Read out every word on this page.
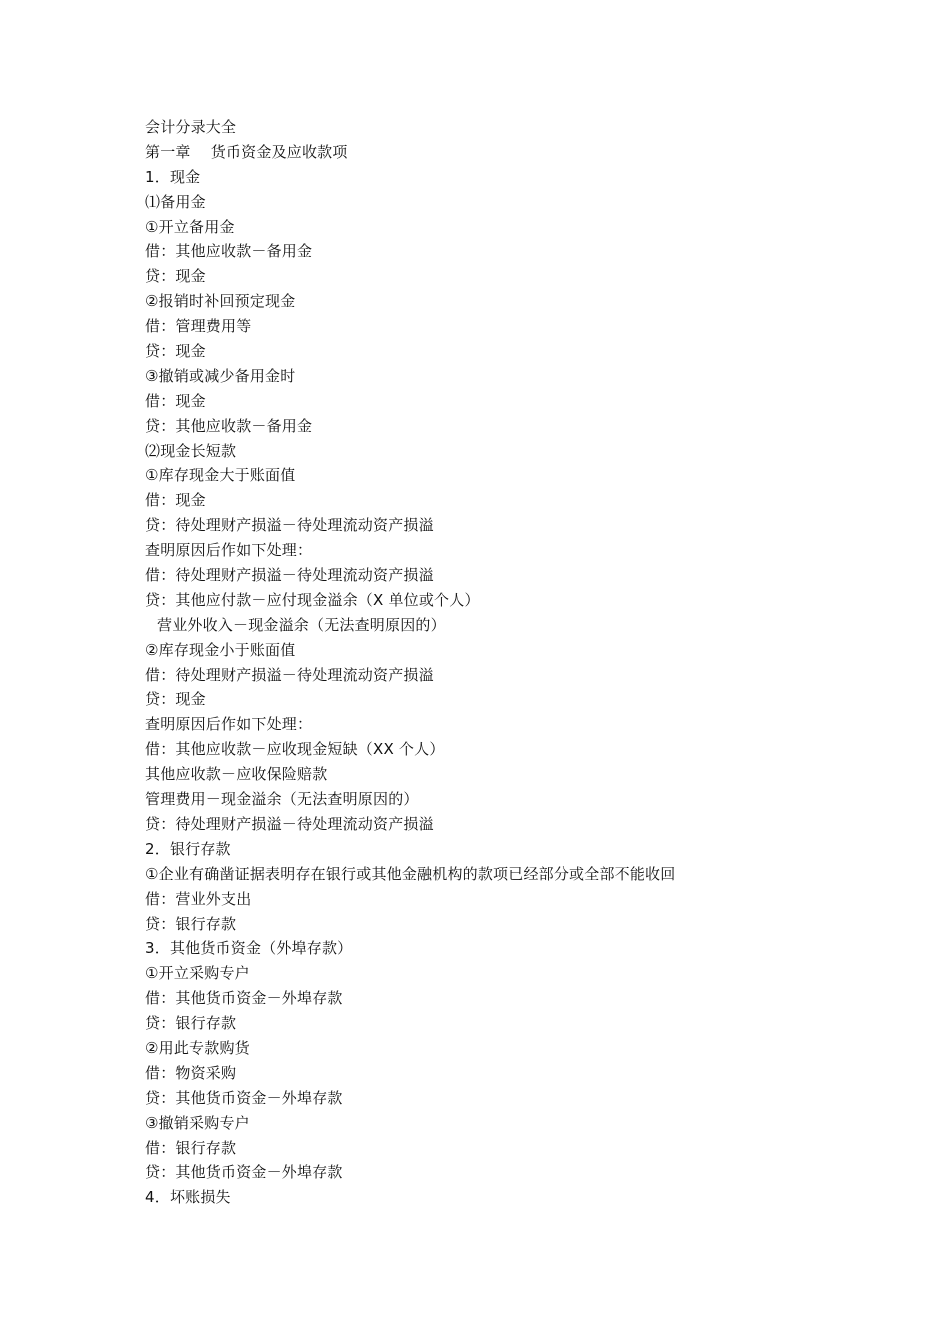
会计分录大全
第一章　 货币资金及应收款项
1．现金
⑴备用金
①开立备用金
借：其他应收款－备用金
贷：现金
②报销时补回预定现金
借：管理费用等
贷：现金
③撤销或减少备用金时
借：现金
贷：其他应收款－备用金
⑵现金长短款
①库存现金大于账面值
借：现金
贷：待处理财产损溢－待处理流动资产损溢
查明原因后作如下处理：
借：待处理财产损溢－待处理流动资产损溢
贷：其他应付款－应付现金溢余（X 单位或个人）
营业外收入－现金溢余（无法查明原因的）
②库存现金小于账面值
借：待处理财产损溢－待处理流动资产损溢
贷：现金
查明原因后作如下处理：
借：其他应收款－应收现金短缺（XX 个人）
其他应收款－应收保险赔款
管理费用－现金溢余（无法查明原因的）
贷：待处理财产损溢－待处理流动资产损溢
2．银行存款
①企业有确凿证据表明存在银行或其他金融机构的款项已经部分或全部不能收回
借：营业外支出
贷：银行存款
3．其他货币资金（外埠存款）
①开立采购专户
借：其他货币资金－外埠存款
贷：银行存款
②用此专款购货
借：物资采购
贷：其他货币资金－外埠存款
③撤销采购专户
借：银行存款
贷：其他货币资金－外埠存款
4．坏账损失
